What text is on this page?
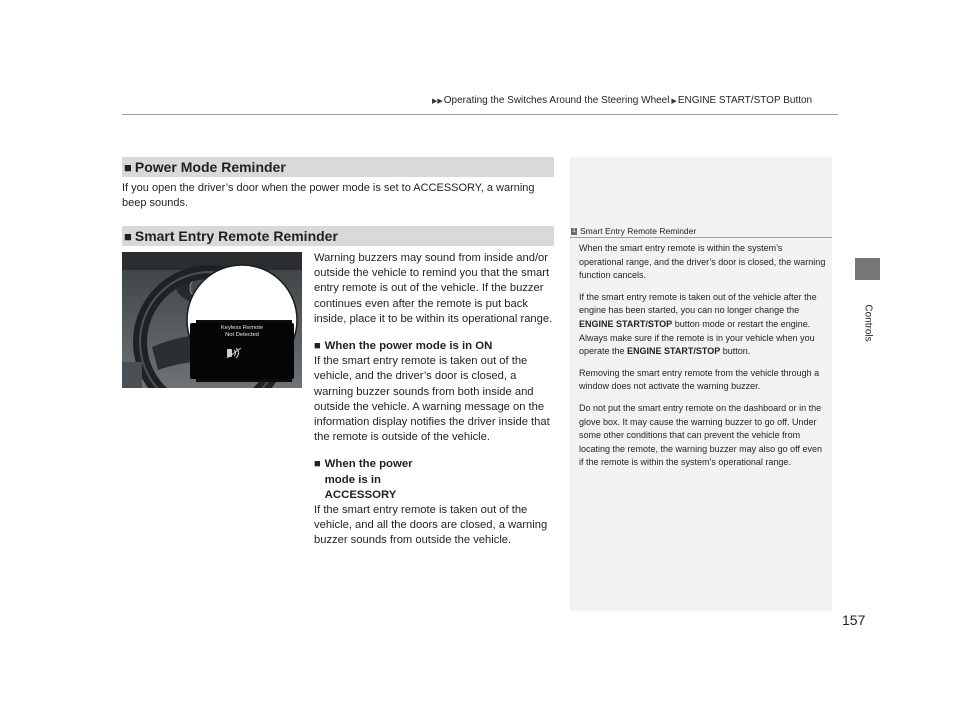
▶▶Operating the Switches Around the Steering Wheel ▶ENGINE START/STOP Button
Controls
■ Power Mode Reminder
If you open the driver’s door when the power mode is set to ACCESSORY, a warning beep sounds.
■ Smart Entry Remote Reminder
Keyless Remote
Not Detected

Warning buzzers may sound from inside and/or outside the vehicle to remind you that the smart entry remote is out of the vehicle. If the buzzer continues even after the remote is put back inside, place it to be within its operational range.

■ When the power mode is in ON

If the smart entry remote is taken out of the vehicle, and the driver’s door is closed, a warning buzzer sounds from both inside and outside the vehicle. A warning message on the information display notifies the driver inside that the remote is outside of the vehicle.

■ When the power mode is in ACCESSORY

If the smart entry remote is taken out of the vehicle, and all the doors are closed, a warning buzzer sounds from outside the vehicle.

1 Smart Entry Remote Reminder

When the smart entry remote is within the system’s operational range, and the driver’s door is closed, the warning function cancels.

If the smart entry remote is taken out of the vehicle after the engine has been started, you can no longer change the ENGINE START/STOP button mode or restart the engine. Always make sure if the remote is in your vehicle when you operate the ENGINE START/STOP button.

Removing the smart entry remote from the vehicle through a window does not activate the warning buzzer.

Do not put the smart entry remote on the dashboard or in the glove box. It may cause the warning buzzer to go off. Under some other conditions that can prevent the vehicle from locating the remote, the warning buzzer may also go off even if the remote is within the system’s operational range.

157
